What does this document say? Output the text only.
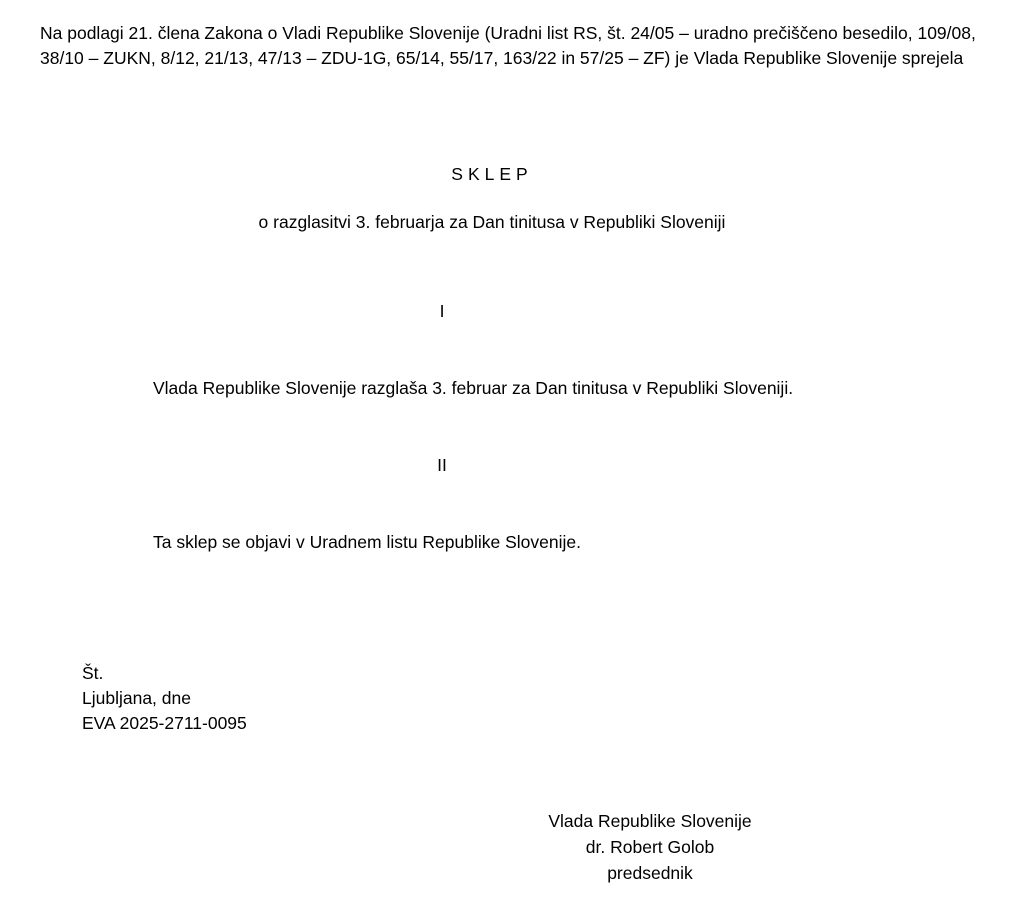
Na podlagi 21. člena Zakona o Vladi Republike Slovenije (Uradni list RS, št. 24/05 – uradno prečiščeno besedilo, 109/08, 38/10 – ZUKN, 8/12, 21/13, 47/13 – ZDU-1G, 65/14, 55/17, 163/22 in 57/25 – ZF) je Vlada Republike Slovenije sprejela

SKLEP

o razglasitvi 3. februarja za Dan tinitusa v Republiki Sloveniji

I

Vlada Republike Slovenije razglaša 3. februar za Dan tinitusa v Republiki Sloveniji.

II

Ta sklep se objavi v Uradnem listu Republike Slovenije.

Št.
Ljubljana, dne
EVA 2025-2711-0095
Vlada Republike Slovenije
dr. Robert Golob
predsednik
